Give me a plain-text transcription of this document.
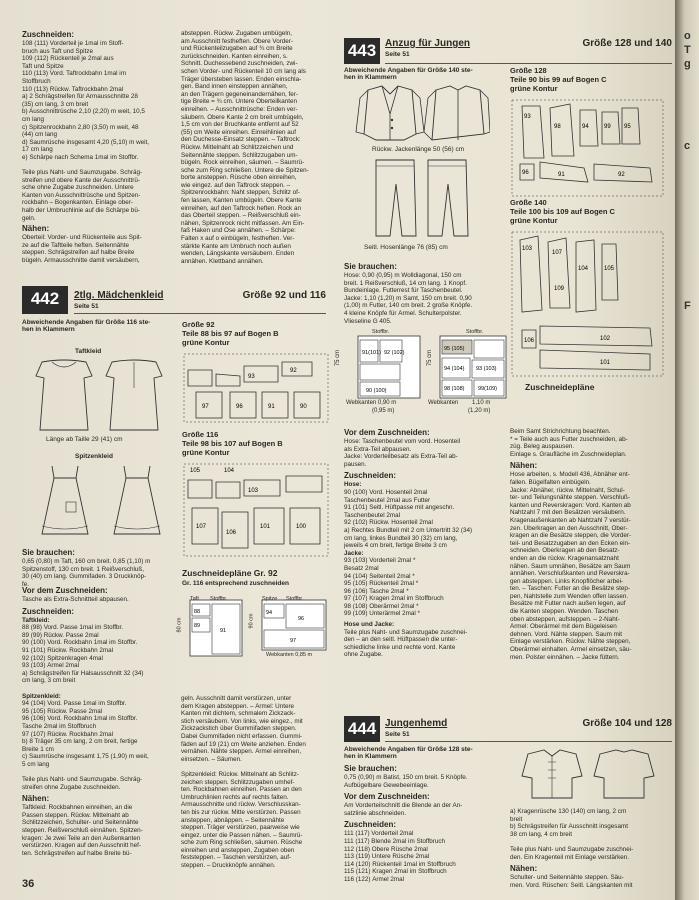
o
T
g
c
F
Zuschneiden:
108 (111) Vorderteil je 1mal im Stoff-
bruch aus Taft und Spitze
109 (112) Rückenteil je 2mal aus
Taft und Spitze
110 (113) Vord. Taftrockbahn 1mal im
Stoffbruch
110 (113) Rückw. Taftrockbahn 2mal
a) 2 Schrägstreifen für Armausschnitte 28
(35) cm lang, 3 cm breit
b) Ausschnittrüsche 2,10 (2,20) m weit, 10,5
cm lang
c) Spitzenrockbahn 2,80 (3,50) m weit, 48
(44) cm lang
d) Saumrüsche insgesamt 4,20 (5,10) m weit,
17 cm lang
e) Schärpe nach Schema 1mal im Stoffbr.

Teile plus Naht- und Saumzugabe. Schräg-
streifen und obere Kante der Ausschnittrü-
sche ohne Zugabe zuschneiden. Untere
Kanten von Ausschnittrüsche und Spitzen-
rockbahn – Bogenkanten. Einlage ober-
halb der Umbruchlinie auf die Schärpe bü-
geln.
Nähen:
Oberteil: Vorder- und Rückenteile aus Spit-
ze auf die Taftteile heften. Seitennähte
steppen. Schrägstreifen auf halbe Breite
bügeln. Armausschnitte damit versäubern,
absteppen. Rückw. Zugaben umbügeln,
am Ausschnitt festheften. Obere Vorder-
und Rückenteilzugaben auf ¾ cm Breite
zurückschneiden. Kanten einreihen, s.
Schnitt. Duchessebend zuschneiden, zwi-
schen Vorder- und Rückenteil 10 cm lang als
Träger übersteben lassen. Enden einschla-
gen. Band innen einsteppen annähen,
an den Trägern gegeneinandernähen, fer-
tige Breite = ¾ cm. Untere Oberteilkanten
einreihen. – Ausschnittrüsche: Enden ver-
säubern. Obere Kante 2 cm breit umbügeln,
1,5 cm von der Bruchkante entfernt auf 52
(55) cm Weite einreihen. Einreihlinien auf
den Duchesse-Einsatz steppen. – Taftrock:
Rückw. Mittelnaht ab Schlitzzeichen und
Seitennähte steppen. Schlitzzugaben um-
bügeln. Rock einreihen, säumen. – Saumrü-
sche zum Ring schließen. Untere die Spitzen-
borte ansteppen. Rüsche oben einreihen,
wie eingez. auf den Taftrock steppen. –
Spitzenrockbahn: Naht steppen, Schlitz of-
fen lassen, Kanten umbügeln. Obere Kante
einreihen, auf den Taftrock heften. Rock an
das Oberteil steppen. – Reißverschluß ein-
nähen, Spitzenrock nicht mitfassen. Am Ein-
faß Haken und Öse annähen. – Schärpe:
Falten x auf o einbügeln, festheften. Ver-
stärkte Kante am Umbruch noch außen
wenden, Längskante versäubern. Enden
annähen. Klettband annähen.
443 Anzug für Jungen
Seite 51
Größe 128 und 140
Abweichende Angaben für Größe 140 ste-
hen in Klammern
Rückw. Jackenlänge 50 (56) cm
Seitl. Hosenlänge 76 (85) cm
Größe 128
Teile 90 bis 99 auf Bogen C
grüne Kontur
93
98	94	99 95
96	91	92
Größe 140
Teile 100 bis 109 auf Bogen C
grüne Kontur
103
107
104	105
109
106	102
101
Zuschneidepläne
Sie brauchen:
Hose: 0,90 (0,95) m Wolldiagonal, 150 cm
breit. 1 Reißverschluß, 14 cm lang. 1 Knopf.
Bundeinlage. Futterrest für Taschenbeutel.
Jacke: 1,10 (1,20) m Samt, 150 cm breit. 0,90
(1,00) m Futter, 140 cm breit. 2 große Knöpfe.
4 kleine Knöpfe für Ärmel. Schulterpolster.
Vlieseline G 405.
91(101) 92 (102)
90 (100)
95 (105)
94 (104) 93 (103)
98 (108) 99(109)
75 cm	75 cm
Stoffbr.	Stoffbr.
Webkanten 0,90 m
(0,95 m)
Webkanten 1,10 m
(1,20 m)
Vor dem Zuschneiden:
Hose: Taschenbeutel vom vord. Hosenteil
als Extra-Teil abpausen.
Jacke: Vorderteilbesatz als Extra-Teil ab-
pausen.
Zuschneiden:
Hose:
90 (100) Vord. Hosenteil 2mal
Taschenbeutel 2mal aus Futter
91 (101) Seitl. Hüftpasse mit angeschn.
Taschenbeutel 2mal
92 (102) Rückw. Hosenteil 2mal
a) Rechtes Bundteil mit 2 cm Untertritt 32 (34)
cm lang, linkes Bundteil 30 (32) cm lang,
jeweils 4 cm breit, fertige Breite 3 cm
Jacke:
93 (103) Vorderteil 2mal *
Besatz 2mal
94 (104) Seitenteil 2mal *
95 (105) Rückenteil 2mal *
96 (106) Tasche 2mal *
97 (107) Kragen 2mal im Stoffbruch
98 (108) Oberärmel 2mal *
99 (109) Unterärmel 2mal *
Hose und Jacke:
Teile plus Naht- und Saumzugabe zuschnei-
den – an den seitl. Hüftpassen die unter-
schiedliche linke und rechte vord. Kante
ohne Zugabe.
Beim Samt Strichrichtung beachten.
* = Teile auch aus Futter zuschneiden, ab-
züg. Beleg auspausen.
Einlage s. Graufläche im Zuschneideplan.
Nähen:
Hose arbeiten, s. Modell 436, Abnäher ent-
fallen. Bügelfalten einbügeln.
Jacke: Abnäher, rückw. Mittelnaht, Schul-
ter- und Teilungsnähte steppen. Verschluß-
kanten und Reverskragen: Vord. Kanten ab
Nahtzahl 7 mit den Besätzen versäubern.
Kragenaußenkanten ab Nahtzahl 7 verstür-
zen. Überkragen an den Ausschnitt, Ober-
kragen an die Besätze steppen, die Vorder-
teil- und Besatzzugaben an den Ecken ein-
schneiden. Oberkragen ab den Besatz-
enden an die rückw. Kragenansatznaht
nähen. Saum umnähen, Besätze am Saum
annähen. Verschlußkanten und Reverskra-
gen absteppen. Links Knopflöcher arbei-
ten. – Taschen: Futter an die Besätze step-
pen, Nahtstelle zum Wenden offen lassen.
Besätze mit Futter nach außen legen, auf
die Kanten steppen. Wenden. Taschen
oben absteppen, aufsteppen. – 2-Naht-
Ärmel: Oberärmel mit dem Bügeleisen
dehnen. Vord. Nähte steppen. Saum mit
Einlage verstärken. Rückw. Nähte steppen,
Oberärmel einhalten. Ärmel einsetzen, säu-
men. Polster einnähen. – Jacke füttern.
442	2tlg. Mädchenkleid
Seite 51
Größe 92 und 116
Abweichende Angaben für Größe 116 ste-
hen in Klammern
Taftkleid
Länge ab Taille 29 (41) cm
Spitzenkleid
Größe 92
Teile 88 bis 97 auf Bogen B
grüne Kontur
97	96	91	90
93
92
Größe 116
Teile 98 bis 107 auf Bogen B
grüne Kontur
105	104
103
107
106
101	100
Sie brauchen:
0,65 (0,80) m Taft, 160 cm breit. 0,85 (1,10) m
Spitzenstoff, 130 cm breit. 1 Reißverschluß,
30 (40) cm lang. Gummifaden. 3 Druckknöp-
fe.
Zuschneidepläne Gr. 92
Gr. 116 entsprechend zuschneiden
88
89
91
94
96
97
Taft Stoffbr.	Spitze Stoffbr.
80 cm	90 cm
Webkanten 0,85 m
Vor dem Zuschneiden:
Tasche als Extra-Schnittteil abpausen.
Zuschneiden:
Taftkleid:
88 (98) Vord. Passe 1mal im Stoffbr.
89 (99) Rückw. Passe 2mal
90 (100) Vord. Rockbahn 1mal im Stoffbr.
91 (101) Rückw. Rockbahn 2mal
92 (102) Spitzenkragen 4mal
93 (103) Ärmel 2mal
a) Schrägstreifen für Halsausschnitt 32 (34)
cm lang, 3 cm breit

Spitzenkleid:
94 (104) Vord. Passe 1mal im Stoffbr.
95 (105) Rückw. Passe 2mal
96 (106) Vord. Rockbahn 1mal im Stoffbr.
Tasche 2mal im Stoffbruch
97 (107) Rückw. Rockbahn 2mal
b) 8 Träger 35 cm lang, 2 cm breit, fertige
Breite 1 cm
c) Saumrüsche insgesamt 1,75 (1,90) m weit,
5 cm lang

Teile plus Naht- und Saumzugabe. Schräg-
streifen ohne Zugabe zuschneiden.
Nähen:
Taftkleid: Rockbahnen einreihen, an die
Passen steppen. Rückw. Mittelnaht ab
Schlitzzeichen, Schulter- und Seitennähte
steppen. Reißverschluß einnähen. Spitzen-
kragen: Je zwei Teile an den Außenkanten
verstürzen. Kragen auf den Ausschnitt hef-
ten. Schrägstreifen auf halbe Breite bü-
geln. Ausschnitt damit verstürzen, unter
dem Kragen absteppen. – Ärmel: Untere
Kanten mit dichtem, schmalem Zickzack-
stich versäubern. Von links, wie eingez., mit
Zickzackstich über Gummifaden steppen.
Dabei Gummifaden nicht erfassen. Gummi-
fäden auf 19 (21) cm Weite anziehen. Enden
vernähen. Nähte steppen. Ärmel einreihen,
einsetzen. – Säumen.

Spitzenkleid: Rückw. Mittelnaht ab Schlitz-
zeichen steppen. Schlitzzugaben umhef-
ten. Rockbahnen einreihen. Passen an den
Umbruchlinien rechts auf rechts falten.
Armausschnitte und rückw. Verschlusskan-
ten bis zur rückw. Mitte verstürzen. Passen
ansteppen, abnäppen. – Seitennähte
steppen. Träger verstürzen, paarweise wie
eingez. unter die Passen nähen. – Saumrü-
sche zum Ring schließen, säumen. Rüsche
einreihen und ansteppen, Zugaben oben
feststeppen. – Taschen verstürzen, auf-
steppen. – Druckknöpfe annähen.
444 Jungenhemd
Seite 51
Größe 104 und 128
Abweichende Angaben für Größe 128 ste-
hen in Klammern
Sie brauchen:
0,75 (0,90) m Batist, 150 cm breit. 5 Knöpfe.
Aufbügelbare Gewebeeinlage.
Vor dem Zuschneiden:
Am Vorderteilschnitt die Blende an der An-
satzlinie abschneiden.
Zuschneiden:
111 (117) Vorderteil 2mal
111 (117) Blende 2mal im Stoffbruch
112 (118) Obere Rüsche 2mal
113 (119) Untere Rüsche 2mal
114 (120) Rückenteil 1mal im Stoffbruch
115 (121) Kragen 2mal im Stoffbruch
116 (122) Ärmel 2mal
a) Kragenrüsche 130 (140) cm lang, 2 cm
breit
b) Schrägstreifen für Ausschnitt insgesamt
38 cm lang, 4 cm breit

Teile plus Naht- und Saumzugabe zuschnei-
den. Ein Kragenteil mit Einlage verstärken.
Nähen:
Schulter- und Seitennähte steppen. Säu-
men. Vord. Rüschen: Seitl. Längskanten mit
36
